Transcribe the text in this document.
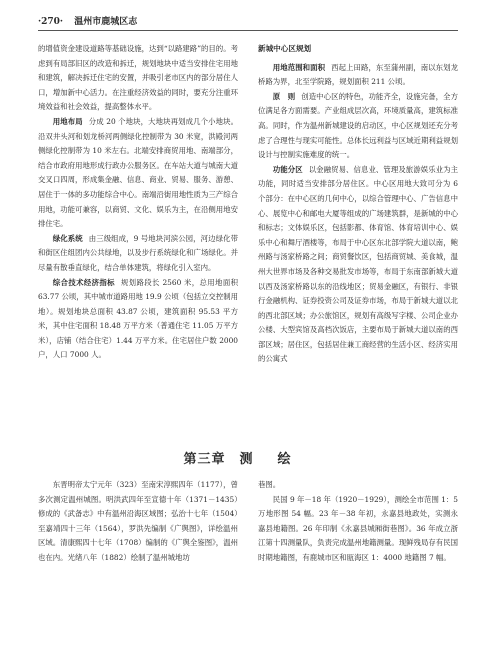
·270· 温州市鹿城区志

的增值资金建设道路等基础设施，达到“以路建路”的目的。考虑到有局部旧区的改造和拆迁，规划地块中适当安排住宅用地和建筑，解决拆迁住宅的安置，并吸引老市区内的部分居住人口，增加新中心活力。在注重经济效益的同时，要充分注重环境效益和社会效益，提高整体水平。

用地布局 分成 20 个地块，大地块再划成几个小地块。沿双井头河和划龙桥河两侧绿化控制带为 30 米宽，洪殿河两侧绿化控制带为 10 米左右。北端安排商贸用地、南端部分，结合市政府用地形成行政办公服务区。在车站大道与城南大道交叉口四周，形成集金融、信息、商业、贸易、服务、游憩、居住于一体的多功能综合中心。南端沿街用地性质为三产综合用地，功能可兼容，以商贸、文化、娱乐为主，在沿侧用地安排住宅。

绿化系统 由三级组成，9 号地块河滨公园，河边绿化带和街区住组团内公共绿地，以及步行系统绿化和广场绿化。并尽量有散垂直绿化，结合单体建筑，将绿化引入室内。

综合技术经济指标 规划路段长 2560 米，总用地面积 63.77 公顷，其中城市道路用地 19.9 公顷（包括立交控制用地）。规划地块总面积 43.87 公顷，建筑面积 95.53 平方米，其中住宅面积 18.48 万平方米（普通住宅 11.05 万平方米），店铺（结合住宅）1.44 万平方米。住宅居住户数 2000 户，人口 7000 人。

新城中心区规划

用地范围和面积 西起上田路，东至蒲州副，南以东划龙桥路为界，北至学院路，规划面积 211 公顷。

原　则 创造中心区的特色，功能齐全，设施完备，全方位满足各方面需要。产业组成层次高，环境质量高，建筑标准高。同时，作为温州新城建设的启动区，中心区规划还充分考虑了合理性与现实可能性。总体长远利益与区域近期利益规划设计与控制实施难度的统一。

功能分区 以金融贸易、信息业、管理及旅游娱乐业为主功能，同时适当安排部分居住区。中心区用地大致可分为 6 个部分：在中心区的几何中心，以综合管理中心、广告信息中心、展览中心和邮电大厦等组成的广场建筑群，是新城的中心和标志；文体娱乐区，包括影都、体育馆、体育培训中心、娱乐中心和舞厅酒楼等，布局于中心区东北部学院大道以南，鲍州路与汤家桥路之间；商贸餐饮区，包括商贸城、美食城，温州大世界市场及各种交易批发市场等，布局于东南部新城大道以西及汤家桥路以东的沿线地区；贸易金融区，有银行、非银行金融机构、证券投资公司及证券市场，布局于新城大道以北的西北部区域；办公旅馆区，规划有高级写字楼、公司企业办公楼、大型宾馆及高档次饭店，主要布局于新城大道以南的西部区域；居住区，包括居住兼工商经营的生活小区、经济实用的公寓式

第三章 测　绘

东晋明帝太宁元年（323）至南宋淳熙四年（1177），曾多次测定温州城图。明洪武四年至宣德十年（1371－1435）修成的《武备志》中有温州沿海区域图；弘治十七年（1504）至嘉靖四十三年（1564），罗洪先编制《广舆图》，详绘温州区域。清康熙四十七年（1708）编制的《广舆全鉴图》，温州也在内。光绪八年（1882）绘制了温州城地坊

巷图。

民国 9 年－18 年（1920－1929），测绘全市范围 1：5 万地形图 54 幅。23 年－38 年初，永嘉县地政处，实测永嘉县地籍图。26 年印制《永嘉县城厢街巷图》。36 年成立浙江第十四测量队，负责完成温州地籍测量。现鲜残局存有民国时期地籍图，有鹿城市区和瓯海区 1：4000 地籍图 7 幅。
